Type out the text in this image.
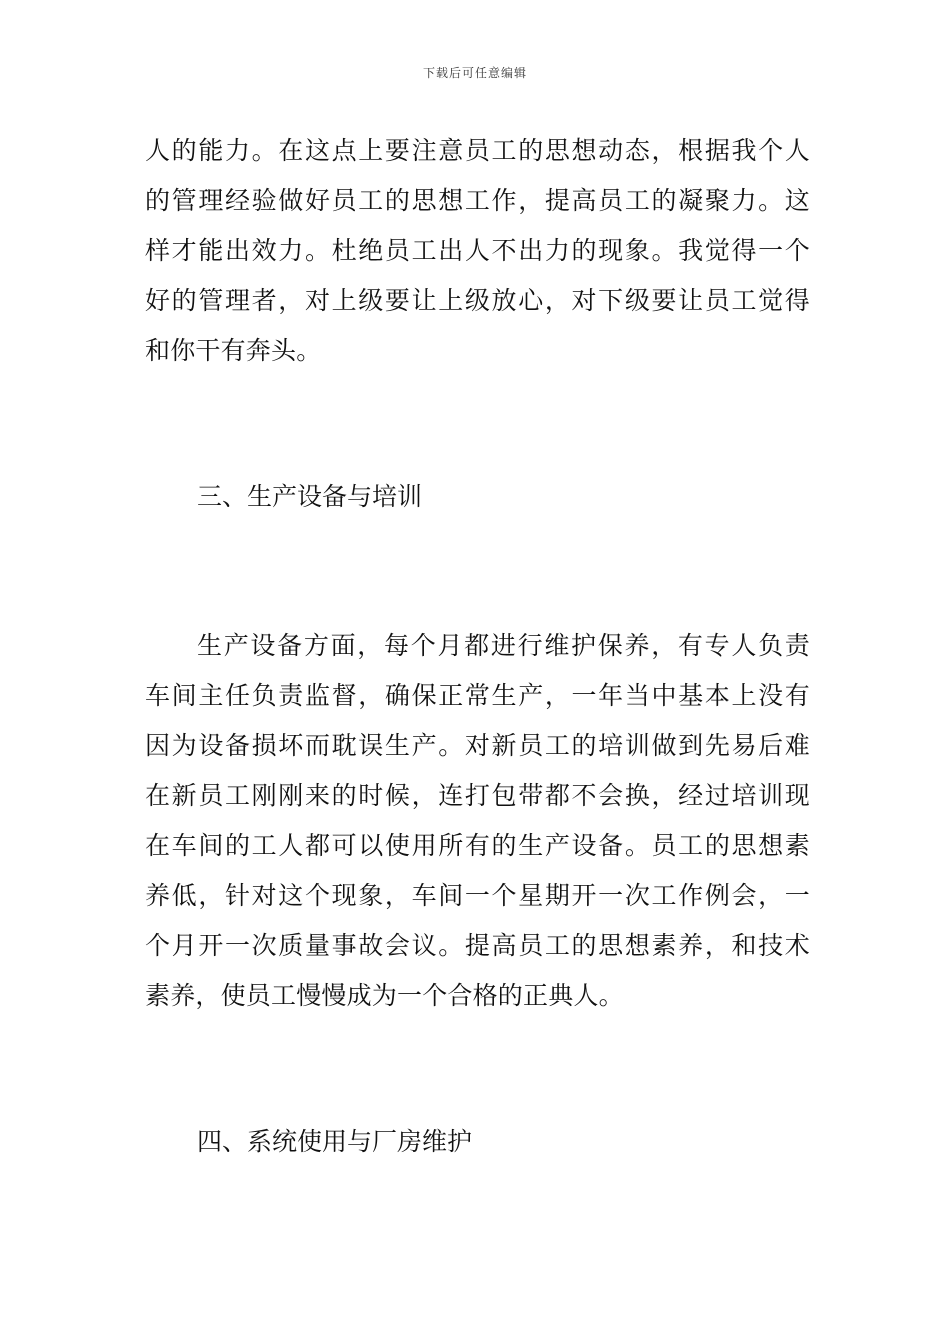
下载后可任意编辑
人的能力。在这点上要注意员工的思想动态，根据我个人
的管理经验做好员工的思想工作，提高员工的凝聚力。这
样才能出效力。杜绝员工出人不出力的现象。我觉得一个
好的管理者，对上级要让上级放心，对下级要让员工觉得
和你干有奔头。
三、生产设备与培训
生产设备方面，每个月都进行维护保养，有专人负责
车间主任负责监督，确保正常生产，一年当中基本上没有
因为设备损坏而耽误生产。对新员工的培训做到先易后难
在新员工刚刚来的时候，连打包带都不会换，经过培训现
在车间的工人都可以使用所有的生产设备。员工的思想素
养低，针对这个现象，车间一个星期开一次工作例会，一
个月开一次质量事故会议。提高员工的思想素养，和技术
素养，使员工慢慢成为一个合格的正典人。
四、系统使用与厂房维护
